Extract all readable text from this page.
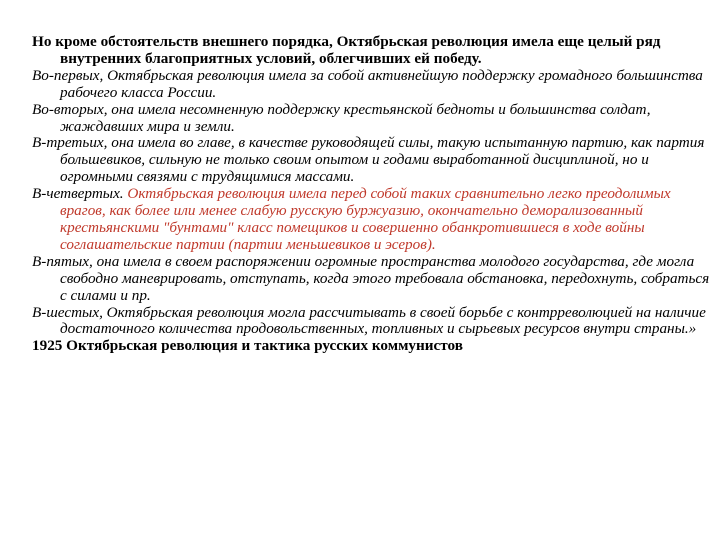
Но кроме обстоятельств внешнего порядка, Октябрьская революция имела еще целый ряд внутренних благоприятных условий, облегчивших ей победу.
Во-первых, Октябрьская революция имела за собой активнейшую поддержку громадного большинства рабочего класса России.
Во-вторых, она имела несомненную поддержку крестьянской бедноты и большинства солдат, жаждавших мира и земли.
В-третьих, она имела во главе, в качестве руководящей силы, такую испытанную партию, как партия большевиков, сильную не только своим опытом и годами выработанной дисциплиной, но и огромными связями с трудящимися массами.
В-четвертых. Октябрьская революция имела перед собой таких сравнительно легко преодолимых врагов, как более или менее слабую русскую буржуазию, окончательно деморализованный крестьянскими "бунтами" класс помещиков и совершенно обанкротившиеся в ходе войны соглашательские партии (партии меньшевиков и эсеров).
В-пятых, она имела в своем распоряжении огромные пространства молодого государства, где могла свободно маневрировать, отступать, когда этого требовала обстановка, передохнуть, собраться с силами и пр.
В-шестых, Октябрьская революция могла рассчитывать в своей борьбе с контрреволюцией на наличие достаточного количества продовольственных, топливных и сырьевых ресурсов внутри страны.»
1925 Октябрьская революция и тактика русских коммунистов
